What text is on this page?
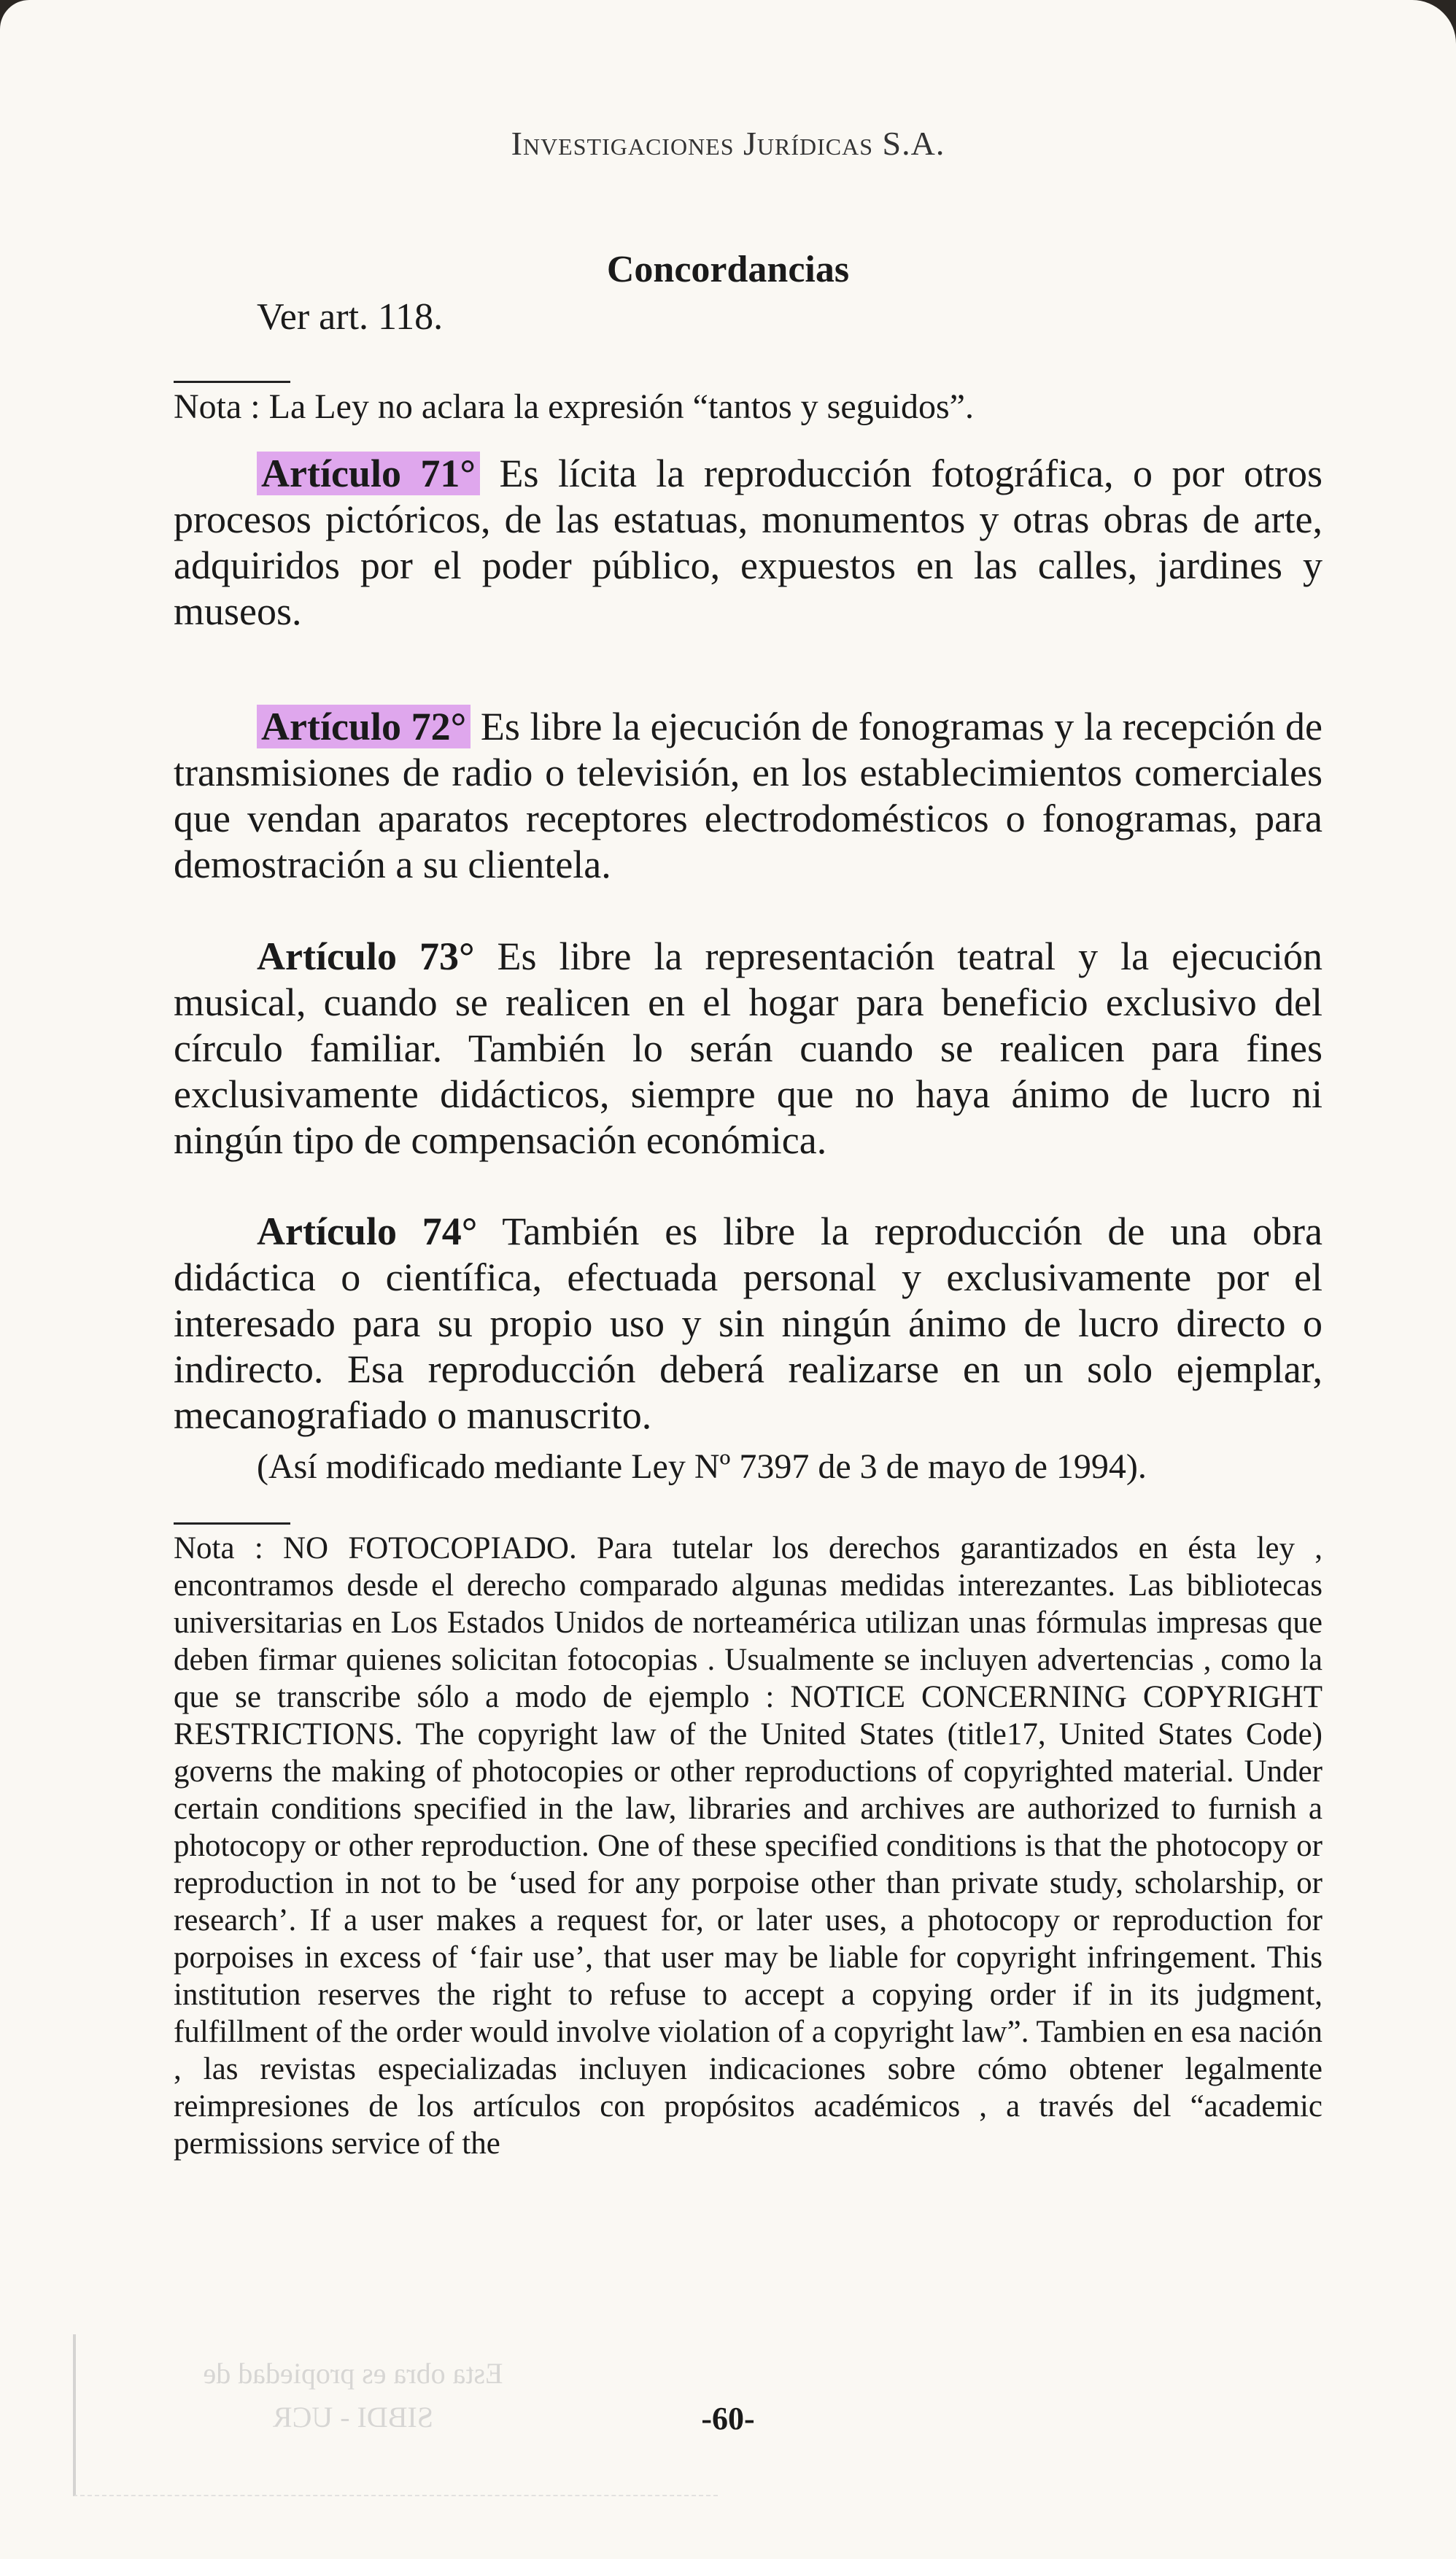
Investigaciones Jurídicas S.A.
Concordancias
Ver art. 118.
Nota : La Ley no aclara la expresión “tantos y seguidos”.

Artículo 71° Es lícita la reproducción fotográfica, o por otros procesos pictóricos, de las estatuas, monumentos y otras obras de arte, adquiridos por el poder público, expuestos en las calles, jardines y museos.

Artículo 72° Es libre la ejecución de fonogramas y la recepción de transmisiones de radio o televisión, en los establecimientos comerciales que vendan aparatos receptores electrodomésticos o fonogramas, para demostración a su clientela.

Artículo 73° Es libre la representación teatral y la ejecución musical, cuando se realicen en el hogar para beneficio exclusivo del círculo familiar. También lo serán cuando se realicen para fines exclusivamente didácticos, siempre que no haya ánimo de lucro ni ningún tipo de compensación económica.

Artículo 74° También es libre la reproducción de una obra didáctica o científica, efectuada personal y exclusivamente por el interesado para su propio uso y sin ningún ánimo de lucro directo o indirecto. Esa reproducción deberá realizarse en un solo ejemplar, mecanografiado o manuscrito.

(Así modificado mediante Ley Nº 7397 de 3 de mayo de 1994).
Nota : NO FOTOCOPIADO. Para tutelar los derechos garantizados en ésta ley , encontramos desde el derecho comparado algunas medidas interezantes. Las bibliotecas universitarias en Los Estados Unidos de norteamérica utilizan unas fórmulas impresas que deben firmar quienes solicitan fotocopias . Usualmente se incluyen advertencias , como la que se transcribe sólo a modo de ejemplo : NOTICE CONCERNING COPYRIGHT RESTRICTIONS. The copyright law of the United States (title17, United States Code) governs the making of photocopies or other reproductions of copyrighted material. Under certain conditions specified in the law, libraries and archives are authorized to furnish a photocopy or other reproduction. One of these specified conditions is that the photocopy or reproduction in not to be ‘used for any porpoise other than private study, scholarship, or research’. If a user makes a request for, or later uses, a photocopy or reproduction for porpoises in excess of ‘fair use’, that user may be liable for copyright infringement. This institution reserves the right to refuse to accept a copying order if in its judgment, fulfillment of the order would involve violation of a copyright law”. Tambien en esa nación , las revistas especializadas incluyen indicaciones sobre cómo obtener legalmente reimpresiones de los artículos con propósitos académicos , a través del “academic permissions service of the
Esta obra es propiedad de
SIBDI - UCR	-60-
